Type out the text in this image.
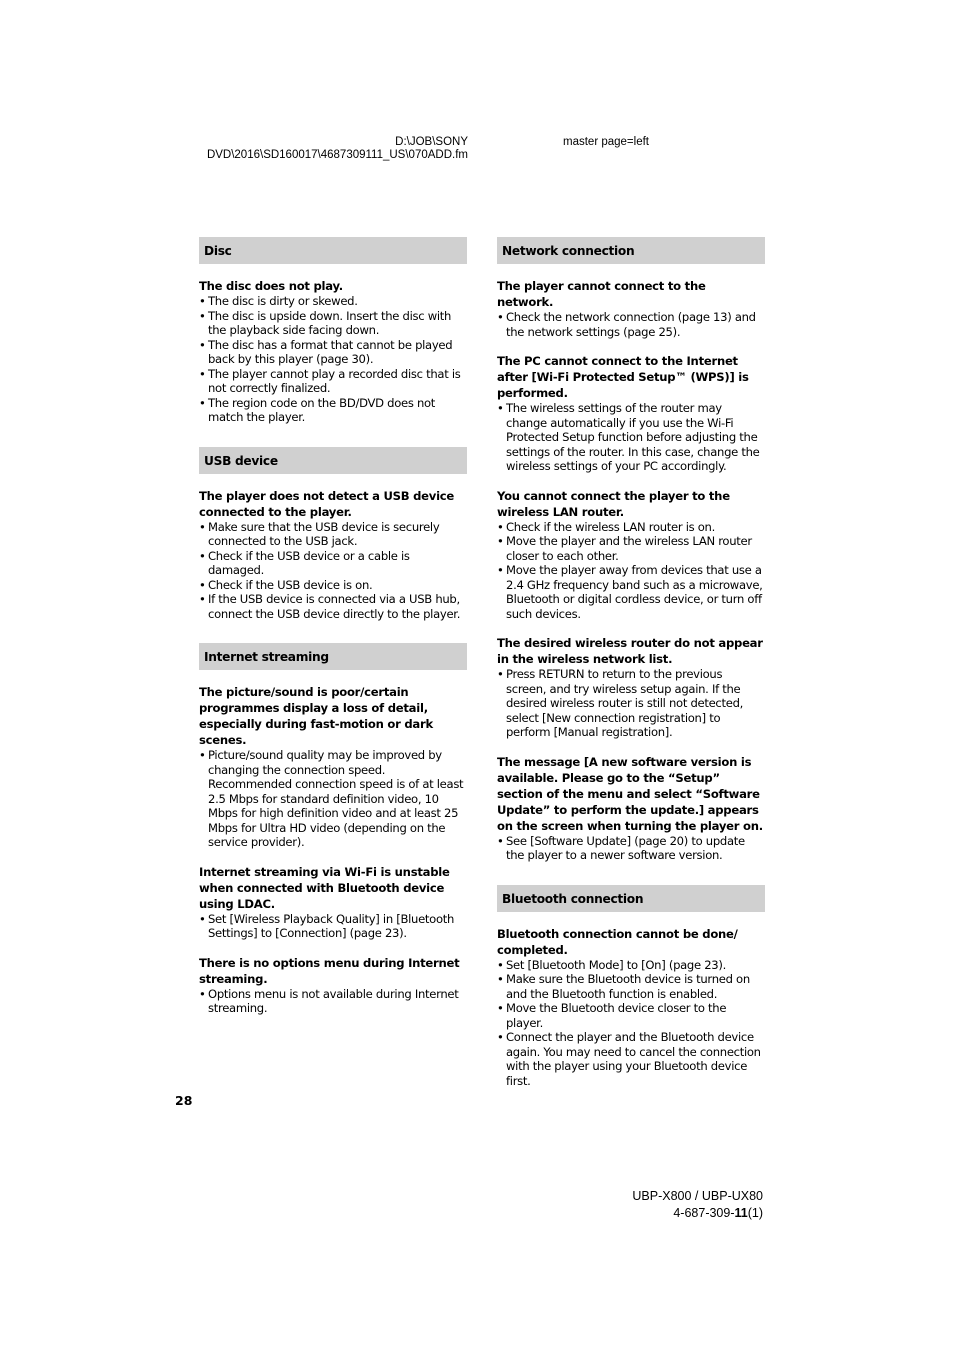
D:\JOB\SONY
DVD\2016\SD160017\4687309111_US\070ADD.fm
master page=left
Disc

The disc does not play.

• The disc is dirty or skewed.
• The disc is upside down. Insert the disc with the playback side facing down.
• The disc has a format that cannot be played back by this player (page 30).
• The player cannot play a recorded disc that is not correctly finalized.
• The region code on the BD/DVD does not match the player.
USB device

The player does not detect a USB device connected to the player.

• Make sure that the USB device is securely connected to the USB jack.
• Check if the USB device or a cable is damaged.
• Check if the USB device is on.
• If the USB device is connected via a USB hub, connect the USB device directly to the player.
Internet streaming

The picture/sound is poor/certain programmes display a loss of detail, especially during fast-motion or dark scenes.

• Picture/sound quality may be improved by changing the connection speed. Recommended connection speed is of at least 2.5 Mbps for standard definition video, 10 Mbps for high definition video and at least 25 Mbps for Ultra HD video (depending on the service provider).

Internet streaming via Wi-Fi is unstable when connected with Bluetooth device using LDAC.

• Set [Wireless Playback Quality] in [Bluetooth Settings] to [Connection] (page 23).

There is no options menu during Internet streaming.

• Options menu is not available during Internet streaming.
Network connection

The player cannot connect to the network.

• Check the network connection (page 13) and the network settings (page 25).

The PC cannot connect to the Internet after [Wi-Fi Protected Setup™ (WPS)] is performed.

• The wireless settings of the router may change automatically if you use the Wi-Fi Protected Setup function before adjusting the settings of the router. In this case, change the wireless settings of your PC accordingly.

You cannot connect the player to the wireless LAN router.

• Check if the wireless LAN router is on.
• Move the player and the wireless LAN router closer to each other.
• Move the player away from devices that use a 2.4 GHz frequency band such as a microwave, Bluetooth or digital cordless device, or turn off such devices.

The desired wireless router do not appear in the wireless network list.

• Press RETURN to return to the previous screen, and try wireless setup again. If the desired wireless router is still not detected, select [New connection registration] to perform [Manual registration].

The message [A new software version is available. Please go to the “Setup” section of the menu and select “Software Update” to perform the update.] appears on the screen when turning the player on.

• See [Software Update] (page 20) to update the player to a newer software version.
Bluetooth connection

Bluetooth connection cannot be done/ completed.

• Set [Bluetooth Mode] to [On] (page 23).
• Make sure the Bluetooth device is turned on and the Bluetooth function is enabled.
• Move the Bluetooth device closer to the player.
• Connect the player and the Bluetooth device again. You may need to cancel the connection with the player using your Bluetooth device first.
28
UBP-X800 / UBP-UX80
4-687-309-11(1)
